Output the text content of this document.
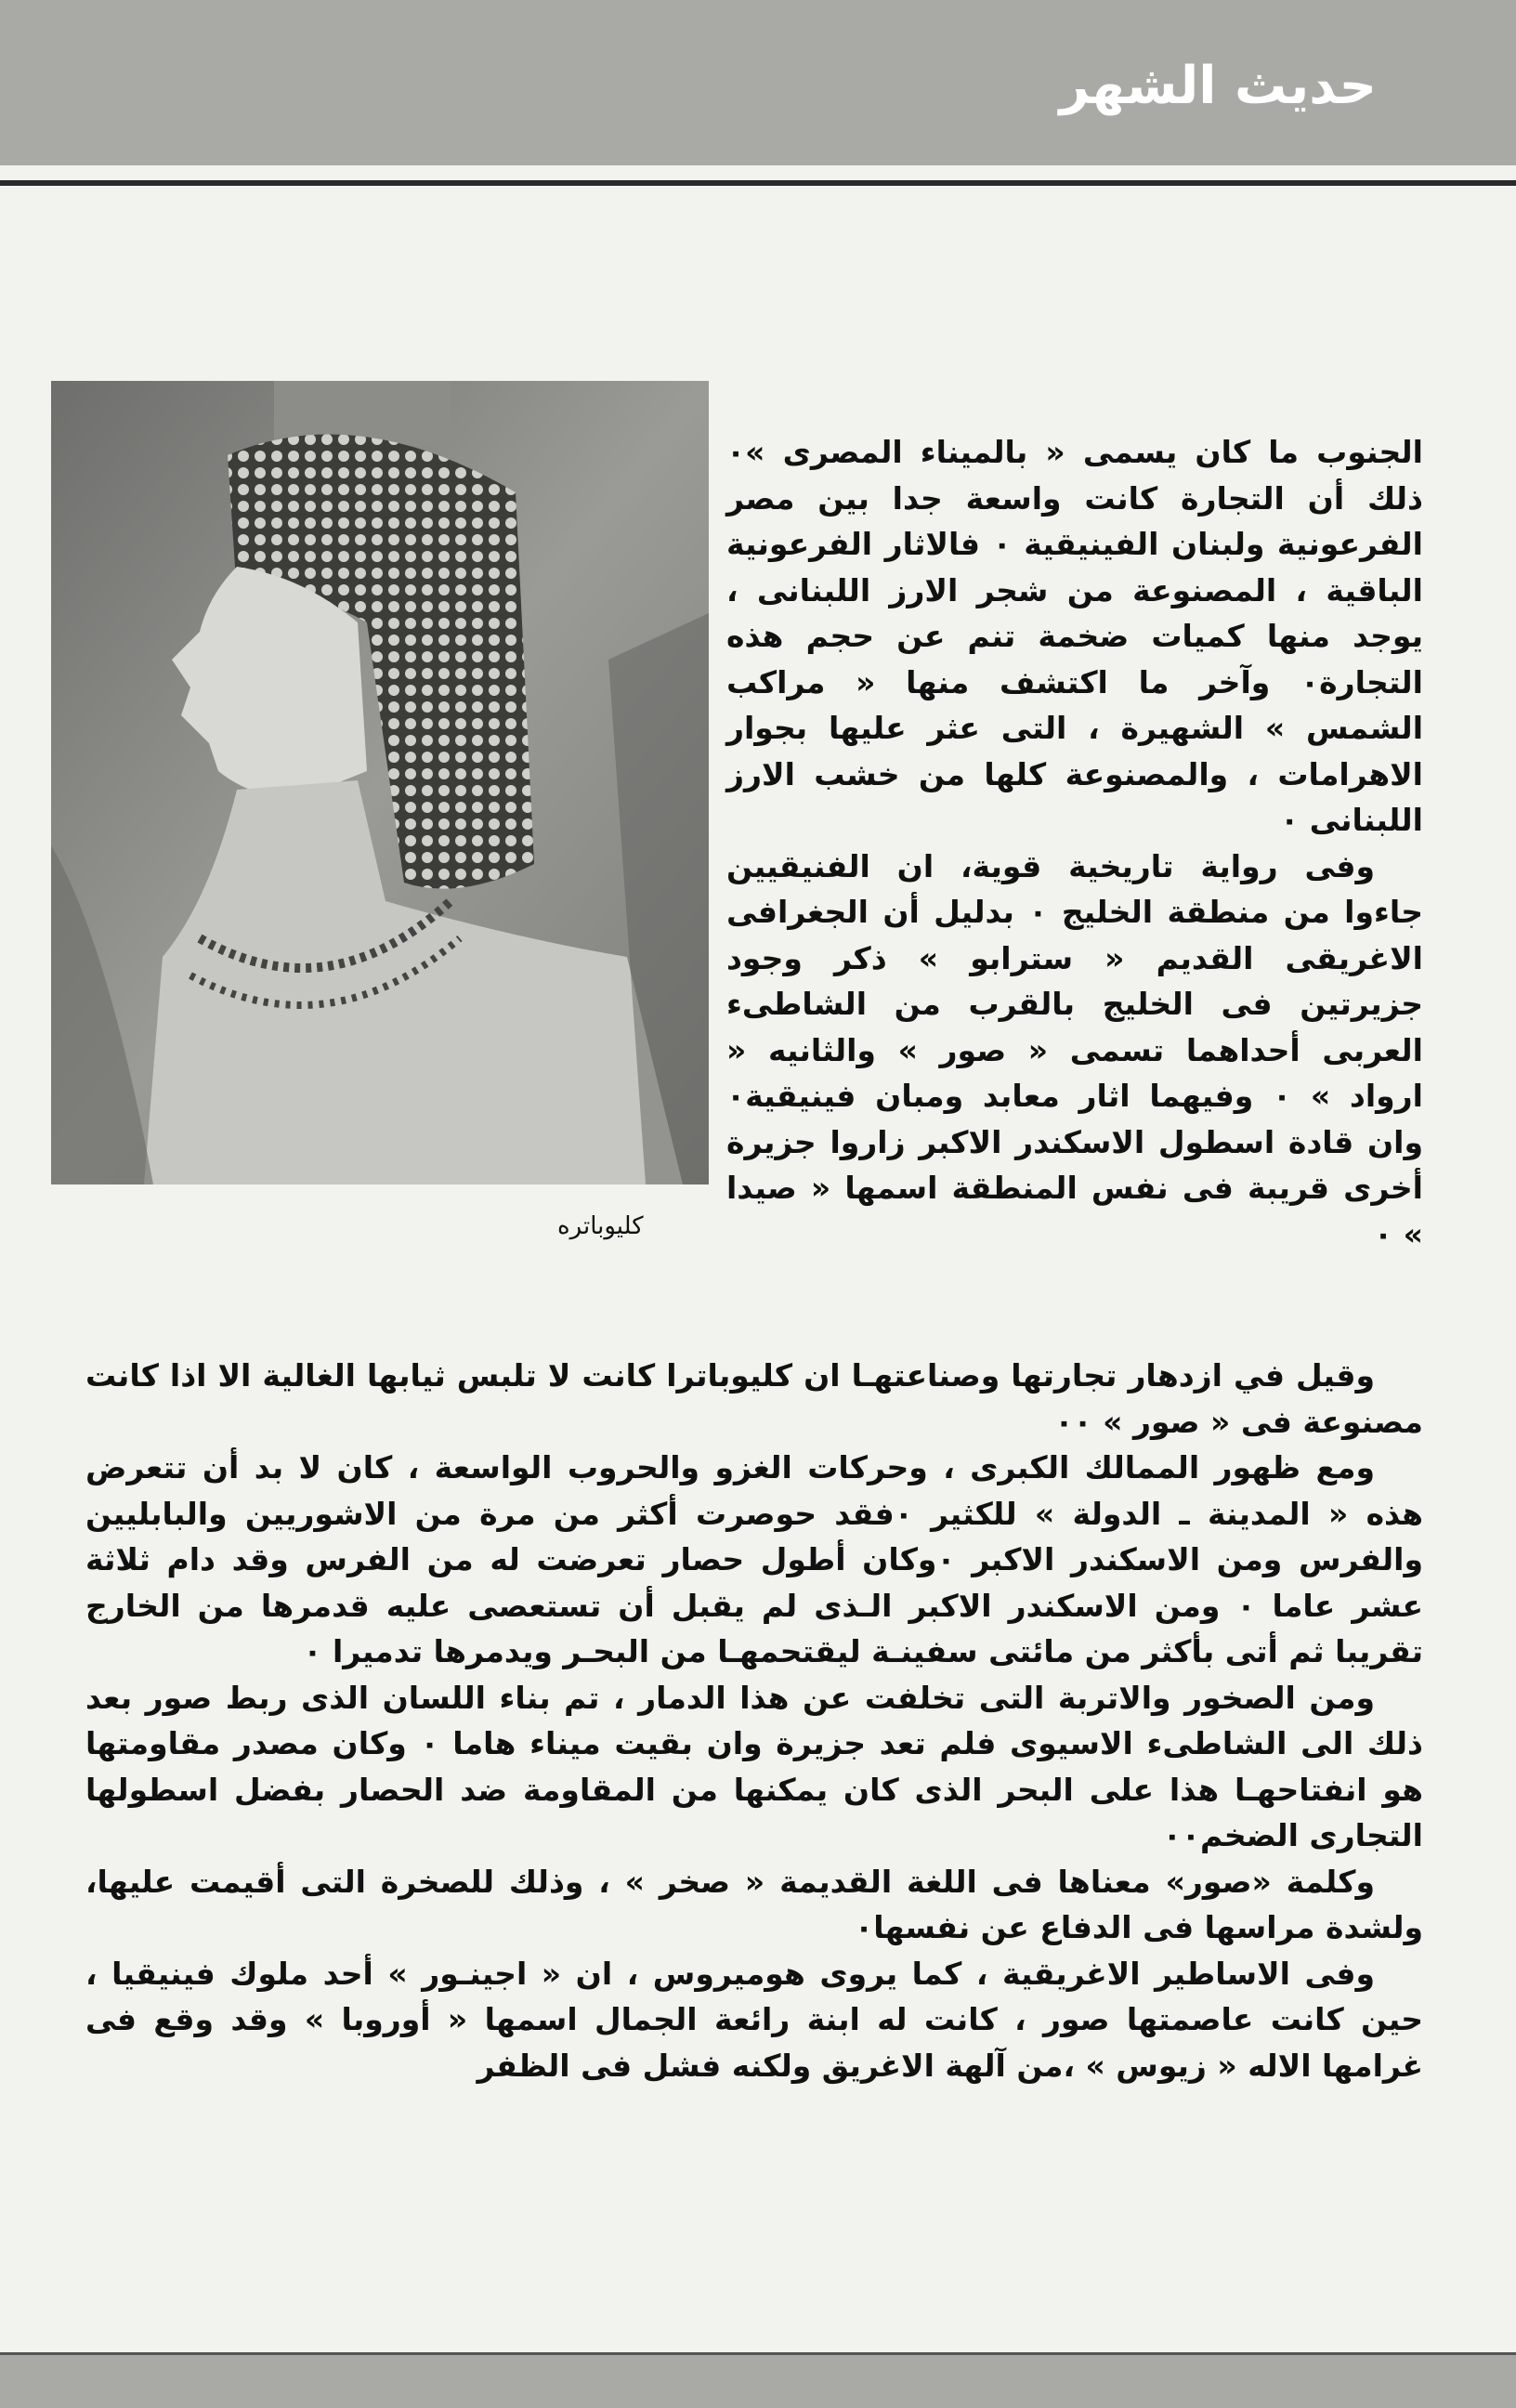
حديث الشهر
كليوباتره

الجنوب ما كان يسمى « بالميناء المصرى »٠ ذلك أن التجارة كانت واسعة جدا بين مصر الفرعونية ولبنان الفينيقية ٠ فالاثار الفرعونية الباقية ، المصنوعة من شجر الارز اللبنانى ، يوجد منها كميات ضخمة تنم عن حجم هذه التجارة٠ وآخر ما اكتشف منها « مراكب الشمس » الشهيرة ، التى عثر عليها بجوار الاهرامات ، والمصنوعة كلها من خشب الارز اللبنانى ٠

وفى رواية تاريخية قوية، ان الفنيقيين جاءوا من منطقة الخليج ٠ بدليل أن الجغرافى الاغريقى القديم « سترابو » ذكر وجود جزيرتين فى الخليج بالقرب من الشاطىء العربى أحداهما تسمى « صور » والثانيه « ارواد » ٠ وفيهما اثار معابد ومبان فينيقية٠ وان قادة اسطول الاسكندر الاكبر زاروا جزيرة أخرى قريبة فى نفس المنطقة اسمها « صيدا » ٠

وقيل في ازدهار تجارتها وصناعتهـا ان كليوباترا كانت لا تلبس ثيابها الغالية الا اذا كانت مصنوعة فى « صور » ٠٠

ومع ظهور الممالك الكبرى ، وحركات الغزو والحروب الواسعة ، كان لا بد أن تتعرض هذه « المدينة ـ الدولة » للكثير ٠فقد حوصرت أكثر من مرة من الاشوريين والبابليين والفرس ومن الاسكندر الاكبر ٠وكان أطول حصار تعرضت له من الفرس وقد دام ثلاثة عشر عاما ٠ ومن الاسكندر الاكبر الـذى لم يقبل أن تستعصى عليه قدمرها من الخارج تقريبا ثم أتى بأكثر من مائتى سفينـة ليقتحمهـا من البحـر ويدمرها تدميرا ٠

ومن الصخور والاتربة التى تخلفت عن هذا الدمار ، تم بناء اللسان الذى ربط صور بعد ذلك الى الشاطىء الاسيوى فلم تعد جزيرة وان بقيت ميناء هاما ٠ وكان مصدر مقاومتها هو انفتاحهـا هذا على البحر الذى كان يمكنها من المقاومة ضد الحصار بفضل اسطولها التجارى الضخم٠٠

وكلمة «صور» معناها فى اللغة القديمة « صخر » ، وذلك للصخرة التى أقيمت عليها، ولشدة مراسها فى الدفاع عن نفسها٠

وفى الاساطير الاغريقية ، كما يروى هوميروس ، ان « اجينـور » أحد ملوك فينيقيا ، حين كانت عاصمتها صور ، كانت له ابنة رائعة الجمال اسمها « أوروبا » وقد وقع فى غرامها الاله « زيوس » ،من آلهة الاغريق ولكنه فشل فى الظفر
